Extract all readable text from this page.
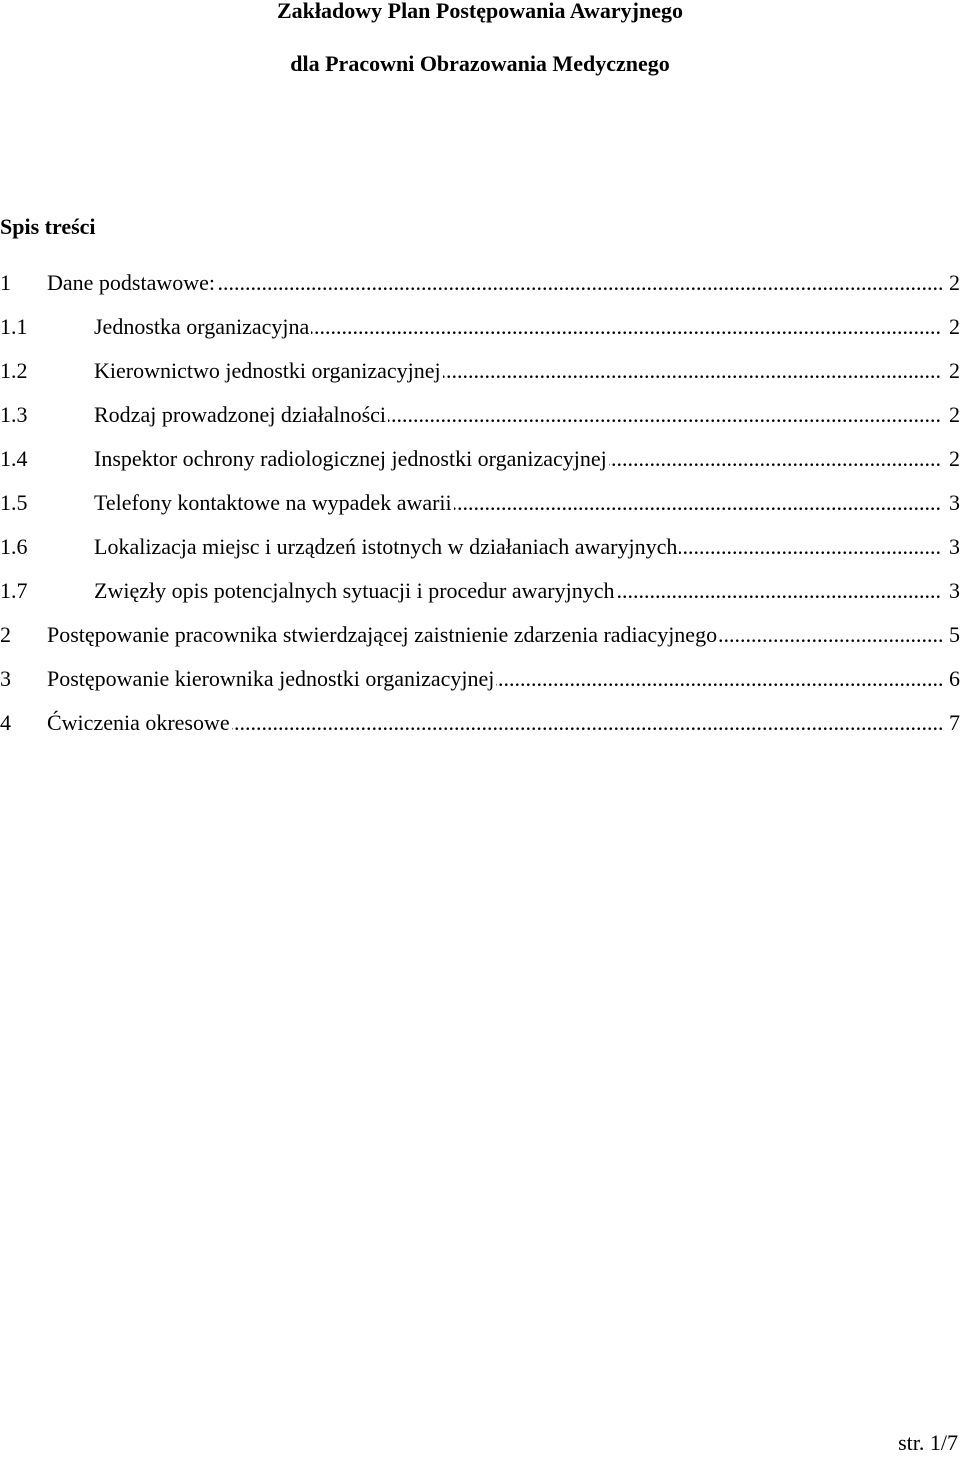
Zakładowy Plan Postępowania Awaryjnego
dla Pracowni Obrazowania Medycznego
Spis treści
.....
1 Dane podstawowe:	2
.....
1.1	Jednostka organizacyjna	2
.....
1.2	Kierownictwo jednostki organizacyjnej	2
.....
1.3	Rodzaj prowadzonej działalności	2
.....
1.4	Inspektor ochrony radiologicznej jednostki organizacyjnej	2
.....
1.5	Telefony kontaktowe na wypadek awarii	3
.....
1.6	Lokalizacja miejsc i urządzeń istotnych w działaniach awaryjnych	3
.....
1.7	Zwięzły opis potencjalnych sytuacji i procedur awaryjnych	3
.....
2 Postępowanie pracownika stwierdzającej zaistnienie zdarzenia radiacyjnego	5
.....
3 Postępowanie kierownika jednostki organizacyjnej	6
.....
4 Ćwiczenia okresowe	7
str. 1/7
